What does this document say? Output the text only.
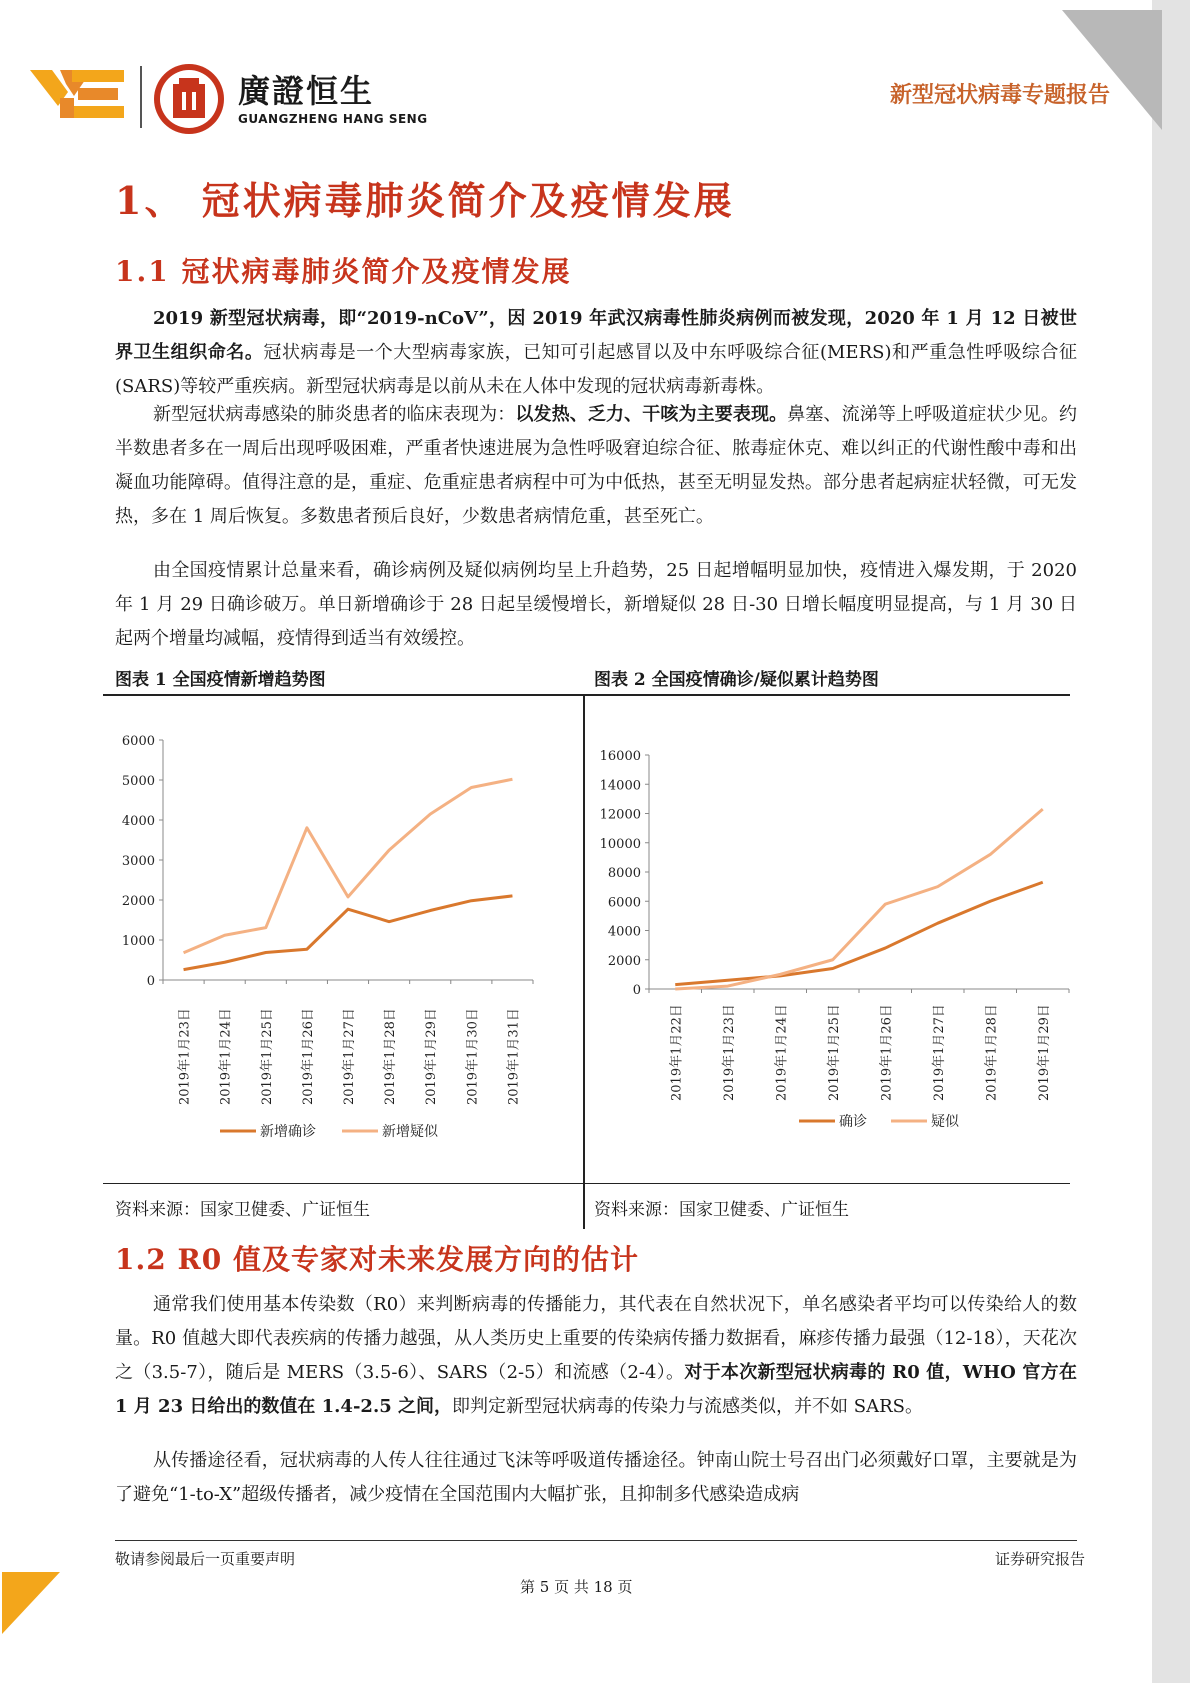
廣證恒生
GUANGZHENG HANG SENG
新型冠状病毒专题报告
1、 冠状病毒肺炎简介及疫情发展
1.1 冠状病毒肺炎简介及疫情发展
2019 新型冠状病毒，即“2019-nCoV”，因 2019 年武汉病毒性肺炎病例而被发现，2020 年 1 月 12 日被世界卫生组织命名。冠状病毒是一个大型病毒家族，已知可引起感冒以及中东呼吸综合征(MERS)和严重急性呼吸综合征(SARS)等较严重疾病。新型冠状病毒是以前从未在人体中发现的冠状病毒新毒株。
新型冠状病毒感染的肺炎患者的临床表现为：以发热、乏力、干咳为主要表现。鼻塞、流涕等上呼吸道症状少见。约半数患者多在一周后出现呼吸困难，严重者快速进展为急性呼吸窘迫综合征、脓毒症休克、难以纠正的代谢性酸中毒和出凝血功能障碍。值得注意的是，重症、危重症患者病程中可为中低热，甚至无明显发热。部分患者起病症状轻微，可无发热，多在 1 周后恢复。多数患者预后良好，少数患者病情危重，甚至死亡。
由全国疫情累计总量来看，确诊病例及疑似病例均呈上升趋势，25 日起增幅明显加快，疫情进入爆发期，于 2020 年 1 月 29 日确诊破万。单日新增确诊于 28 日起呈缓慢增长，新增疑似 28 日-30 日增长幅度明显提高，与 1 月 30 日起两个增量均减幅，疫情得到适当有效缓控。
图表 1 全国疫情新增趋势图	图表 2 全国疫情确诊/疑似累计趋势图
资料来源：国家卫健委、广证恒生	资料来源：国家卫健委、广证恒生
6000
5000
4000
3000
2000
1000
0
2019年1月23日 2019年1月24日 2019年1月25日 2019年1月26日 2019年1月27日 2019年1月28日 2019年1月29日 2019年1月30日 2019年1月31日
新增确诊	新增疑似
16000
14000
12000
10000
8000
6000
4000
2000
0
2019年1月22日	2019年1月23日	2019年1月24日	2019年1月25日	2019年1月26日	2019年1月27日	2019年1月28日	2019年1月29日
确诊	疑似
1.2 R0 值及专家对未来发展方向的估计
通常我们使用基本传染数（R0）来判断病毒的传播能力，其代表在自然状况下，单名感染者平均可以传染给人的数量。R0 值越大即代表疾病的传播力越强，从人类历史上重要的传染病传播力数据看，麻疹传播力最强（12-18），天花次之（3.5-7），随后是 MERS（3.5-6）、SARS（2-5）和流感（2-4）。对于本次新型冠状病毒的 R0 值，WHO 官方在 1 月 23 日给出的数值在 1.4-2.5 之间，即判定新型冠状病毒的传染力与流感类似，并不如 SARS。
从传播途径看，冠状病毒的人传人往往通过飞沫等呼吸道传播途径。钟南山院士号召出门必须戴好口罩，主要就是为了避免“1-to-X”超级传播者，减少疫情在全国范围内大幅扩张，且抑制多代感染造成病
敬请参阅最后一页重要声明	证券研究报告
第 5 页 共 18 页
